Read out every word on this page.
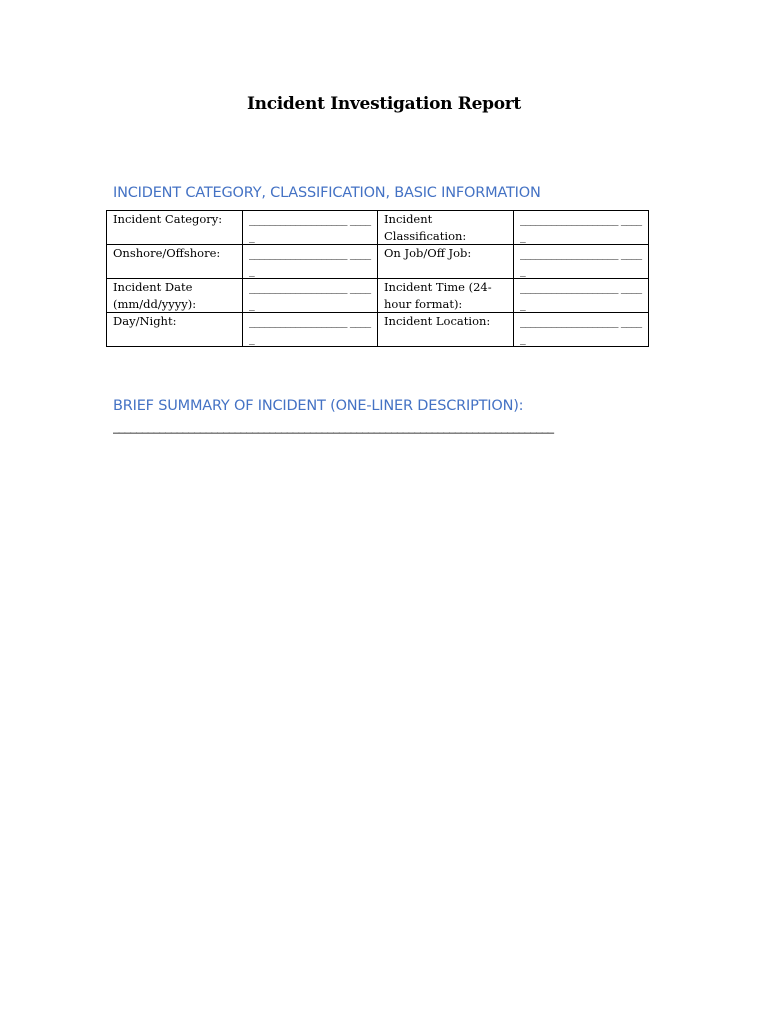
Incident Investigation Report
INCIDENT CATEGORY, CLASSIFICATION, BASIC INFORMATION
Incident Category:	___________________ _____	Incident Classification:	___________________ _____
Onshore/Offshore:	___________________ _____	On Job/Off Job:	___________________ _____
Incident Date (mm/dd/yyyy):	___________________ _____	Incident Time (24-hour format):	___________________ _____
Day/Night:	___________________ _____	Incident Location:	___________________ _____
BRIEF SUMMARY OF INCIDENT (ONE-LINER DESCRIPTION):
____________________________________________________________________________
